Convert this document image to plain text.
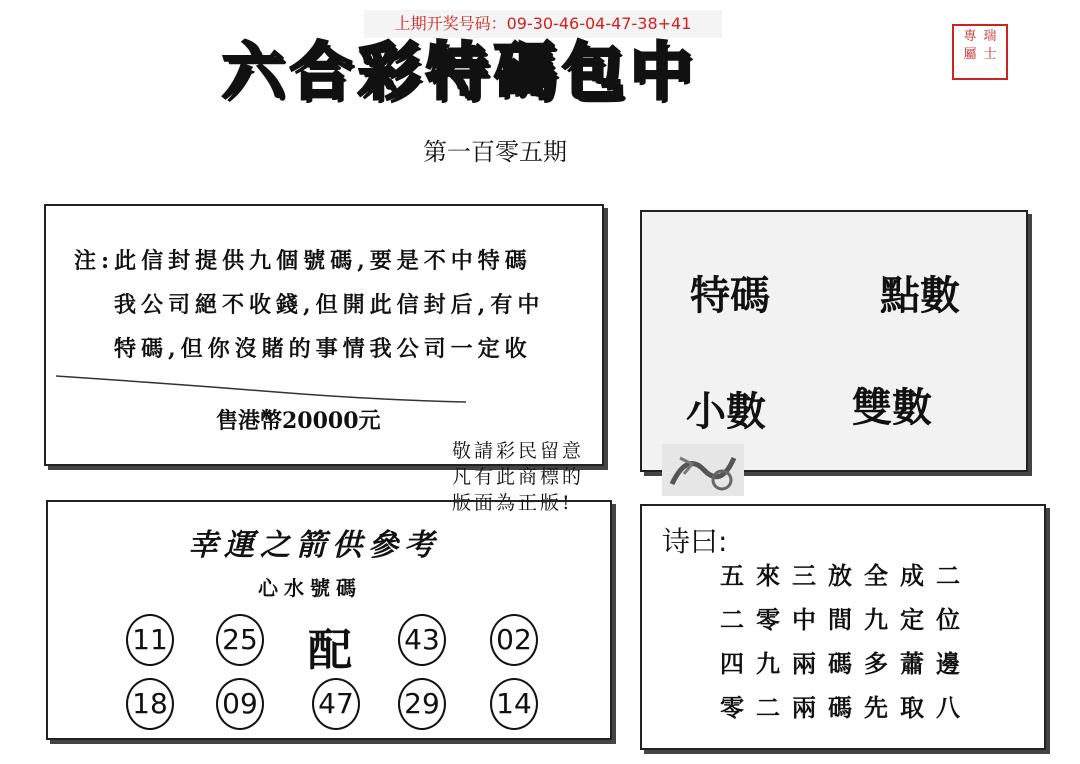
上期开奖号码：09-30-46-04-47-38+41
六合彩特碼包中	瑞
士
專
屬
第一百零五期
注:此信封提供九個號碼,要是不中特碼
我公司絕不收錢,但開此信封后,有中
特碼,但你沒賭的事情我公司一定收
售港幣20000元
特碼	點數
小數 雙數
敬請彩民留意
凡有此商標的
版面為正版!
幸運之箭供參考
心水號碼
11 25 配 43 02
18 09 47 29 14
诗曰:
五來三放全成二
二零中間九定位
四九兩碼多蕭邊
零二兩碼先取八
